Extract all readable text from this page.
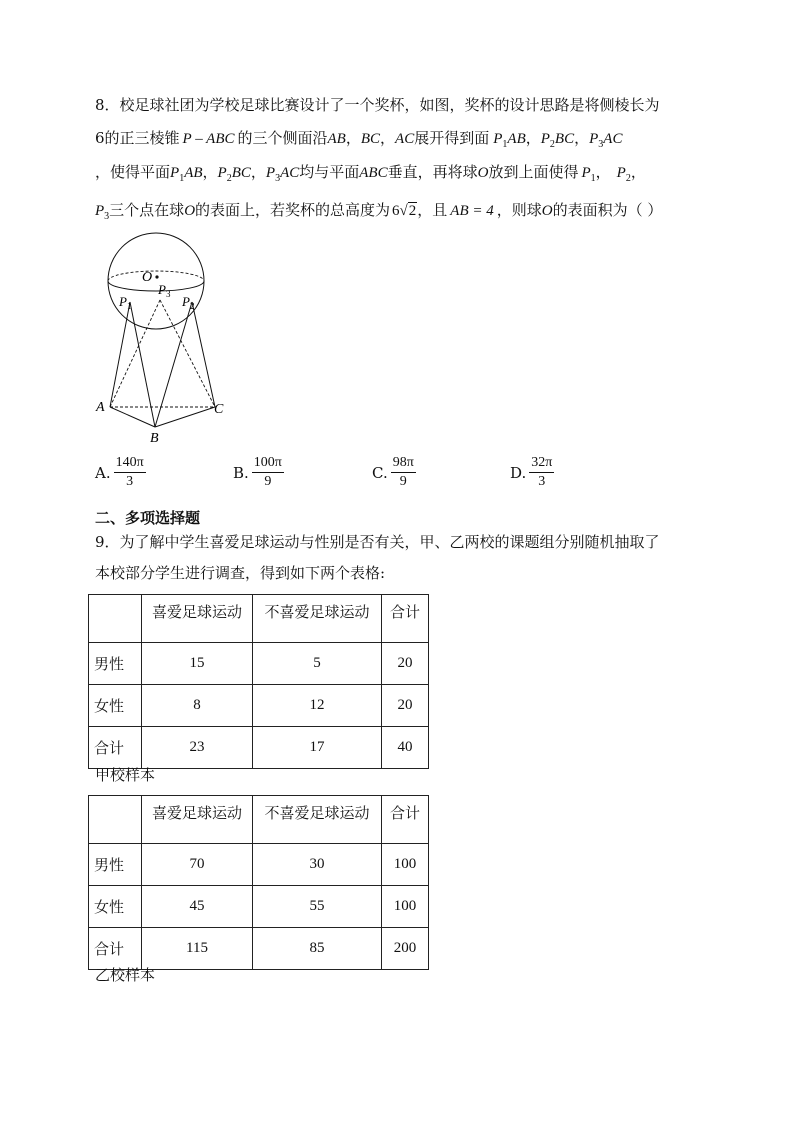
8．校足球社团为学校足球比赛设计了一个奖杯，如图，奖杯的设计思路是将侧棱长为
6的正三棱锥 P – ABC 的三个侧面沿AB，BC，AC展开得到面 $P_1AB$，$P_2BC$，$P_3AC$
，使得平面$P_1AB$，$P_2BC$，$P_3AC$均与平面ABC垂直，再将球O放到上面使得 $P_1$， $P_2$，
$P_3$三个点在球O的表面上，若奖杯的总高度为 6√2，且 AB = 4 ，则球O的表面积为（ ）
O
$P_3$
$P_1$	$P_2$
A
B
C
A. $\frac{140\pi}{3}$	B. $\frac{100\pi}{9}$	C. $\frac{98\pi}{9}$	D. $\frac{32\pi}{3}$
二、多项选择题
9．为了解中学生喜爱足球运动与性别是否有关，甲、乙两校的课题组分别随机抽取了
本校部分学生进行调查，得到如下两个表格:
	喜爱足球运动	不喜爱足球运动	合计
男性	15	5	20
女性	8	12	20
合计	23	17	40
甲校样本
	喜爱足球运动	不喜爱足球运动	合计
男性	70	30	100
女性	45	55	100
合计	115	85	200
乙校样本
